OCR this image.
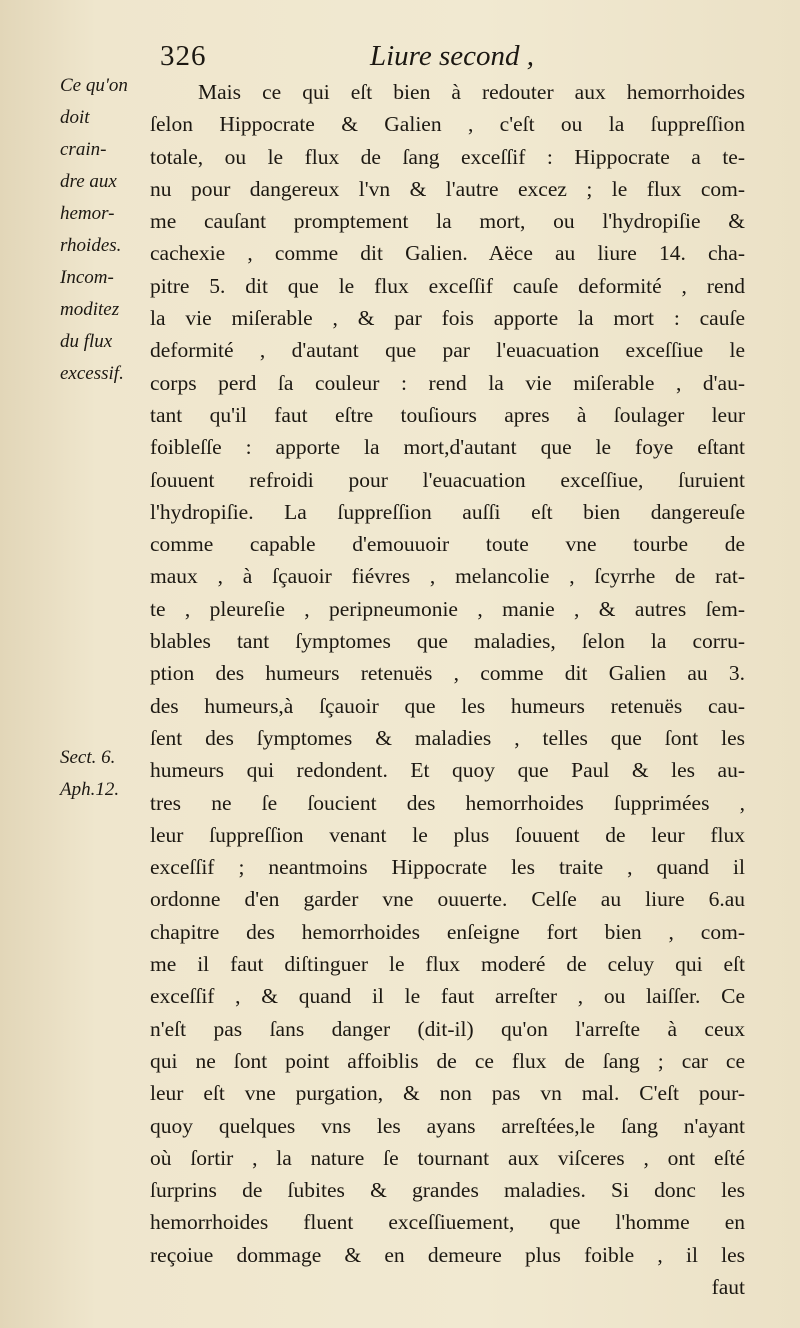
326	Liure second ,
Ce qu'on
doit
crain-
dre aux
hemor-
rhoides.
Incom-
moditez
du flux
excessif.
Sect. 6.
Aph.12.
Mais ce qui eſt bien à redouter aux hemorrhoides
ſelon Hippocrate & Galien , c'eſt ou la ſuppreſſion
totale, ou le flux de ſang exceſſif : Hippocrate a te-
nu pour dangereux l'vn & l'autre excez ; le flux com-
me cauſant promptement la mort, ou l'hydropiſie &
cachexie , comme dit Galien. Aëce au liure 14. cha-
pitre 5. dit que le flux exceſſif cauſe deformité , rend
la vie miſerable , & par fois apporte la mort : cauſe
deformité , d'autant que par l'euacuation exceſſiue le
corps perd ſa couleur : rend la vie miſerable , d'au-
tant qu'il faut eſtre touſiours apres à ſoulager leur
foibleſſe : apporte la mort,d'autant que le foye eſtant
ſouuent refroidi pour l'euacuation exceſſiue, ſuruient
l'hydropiſie. La ſuppreſſion auſſi eſt bien dangereuſe
comme capable d'emouuoir toute vne tourbe de
maux , à ſçauoir fiévres , melancolie , ſcyrrhe de rat-
te , pleureſie , peripneumonie , manie , & autres ſem-
blables tant ſymptomes que maladies, ſelon la corru-
ption des humeurs retenuës , comme dit Galien au 3.
des humeurs,à ſçauoir que les humeurs retenuës cau-
ſent des ſymptomes & maladies , telles que ſont les
humeurs qui redondent. Et quoy que Paul & les au-
tres ne ſe ſoucient des hemorrhoides ſupprimées ,
leur ſuppreſſion venant le plus ſouuent de leur flux
exceſſif ; neantmoins Hippocrate les traite , quand il
ordonne d'en garder vne ouuerte. Celſe au liure 6.au
chapitre des hemorrhoides enſeigne fort bien , com-
me il faut diſtinguer le flux moderé de celuy qui eſt
exceſſif , & quand il le faut arreſter , ou laiſſer. Ce
n'eſt pas ſans danger (dit-il) qu'on l'arreſte à ceux
qui ne ſont point affoiblis de ce flux de ſang ; car ce
leur eſt vne purgation, & non pas vn mal. C'eſt pour-
quoy quelques vns les ayans arreſtées,le ſang n'ayant
où ſortir , la nature ſe tournant aux viſceres , ont eſté
ſurprins de ſubites & grandes maladies. Si donc les
hemorrhoides fluent exceſſiuement, que l'homme en
reçoiue dommage & en demeure plus foible , il les
faut
